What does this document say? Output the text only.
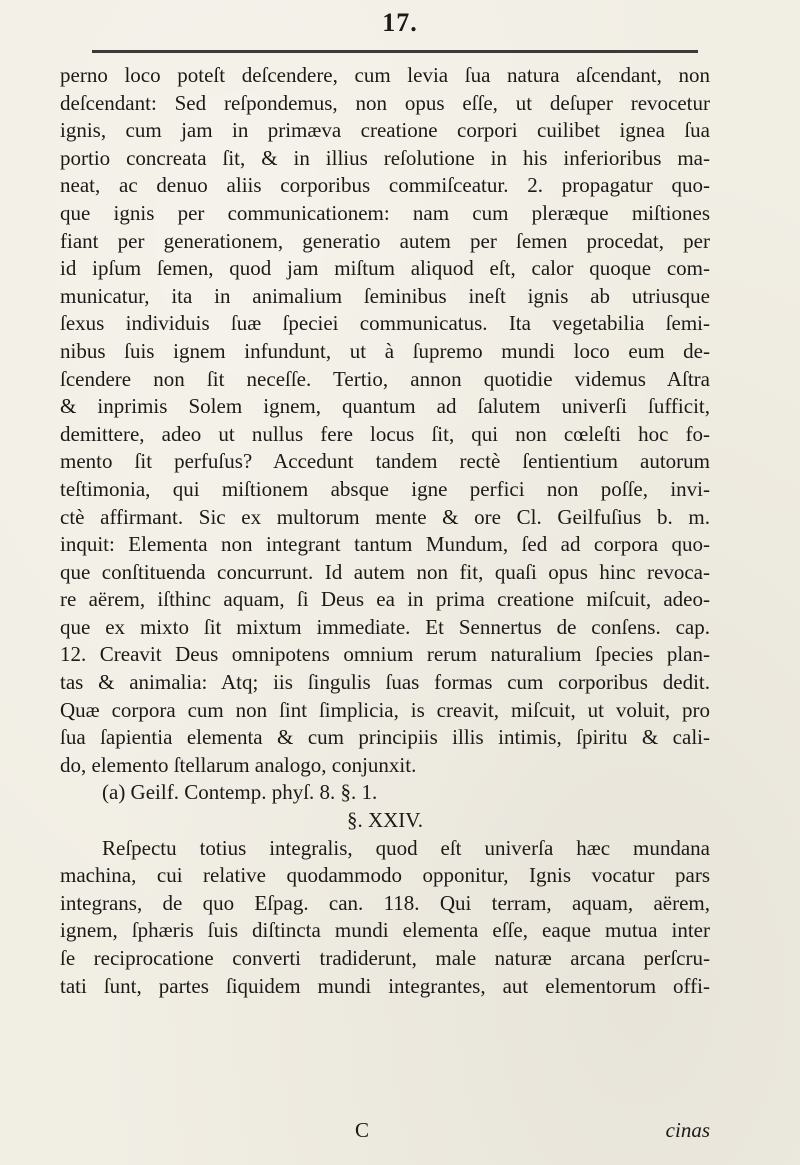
17.
perno loco poteſt deſcendere, cum levia ſua natura aſcendant, non
deſcendant: Sed reſpondemus, non opus eſſe, ut deſuper revocetur
ignis, cum jam in primæva creatione corpori cuilibet ignea ſua
portio concreata ſit, & in illius reſolutione in his inferioribus ma-
neat, ac denuo aliis corporibus commiſceatur. 2. propagatur quo-
que ignis per communicationem: nam cum pleræque miſtiones
fiant per generationem, generatio autem per ſemen procedat, per
id ipſum ſemen, quod jam miſtum aliquod eſt, calor quoque com-
municatur, ita in animalium ſeminibus ineſt ignis ab utriusque
ſexus individuis ſuæ ſpeciei communicatus. Ita vegetabilia ſemi-
nibus ſuis ignem infundunt, ut à ſupremo mundi loco eum de-
ſcendere non ſit neceſſe. Tertio, annon quotidie videmus Aſtra
& inprimis Solem ignem, quantum ad ſalutem univerſi ſufficit,
demittere, adeo ut nullus fere locus ſit, qui non cœleſti hoc fo-
mento ſit perfuſus? Accedunt tandem rectè ſentientium autorum
teſtimonia, qui miſtionem absque igne perfici non poſſe, invi-
ctè affirmant. Sic ex multorum mente & ore Cl. Geilfuſius b. m.
inquit: Elementa non integrant tantum Mundum, ſed ad corpora quo-
que conſtituenda concurrunt. Id autem non fit, quaſi opus hinc revoca-
re aërem, iſthinc aquam, ſi Deus ea in prima creatione miſcuit, adeo-
que ex mixto ſit mixtum immediate. Et Sennertus de conſens. cap.
12. Creavit Deus omnipotens omnium rerum naturalium ſpecies plan-
tas & animalia: Atq; iis ſingulis ſuas formas cum corporibus dedit.
Quæ corpora cum non ſint ſimplicia, is creavit, miſcuit, ut voluit, pro
ſua ſapientia elementa & cum principiis illis intimis, ſpiritu & cali-
do, elemento ſtellarum analogo, conjunxit.
(a) Geilf. Contemp. phyſ. 8. §. 1.
§. XXIV.
Reſpectu totius integralis, quod eſt univerſa hæc mundana
machina, cui relative quodammodo opponitur, Ignis vocatur pars
integrans, de quo Eſpag. can. 118. Qui terram, aquam, aërem,
ignem, ſphæris ſuis diſtincta mundi elementa eſſe, eaque mutua inter
ſe reciprocatione converti tradiderunt, male naturæ arcana perſcru-
tati ſunt, partes ſiquidem mundi integrantes, aut elementorum offi-
C	cinas
